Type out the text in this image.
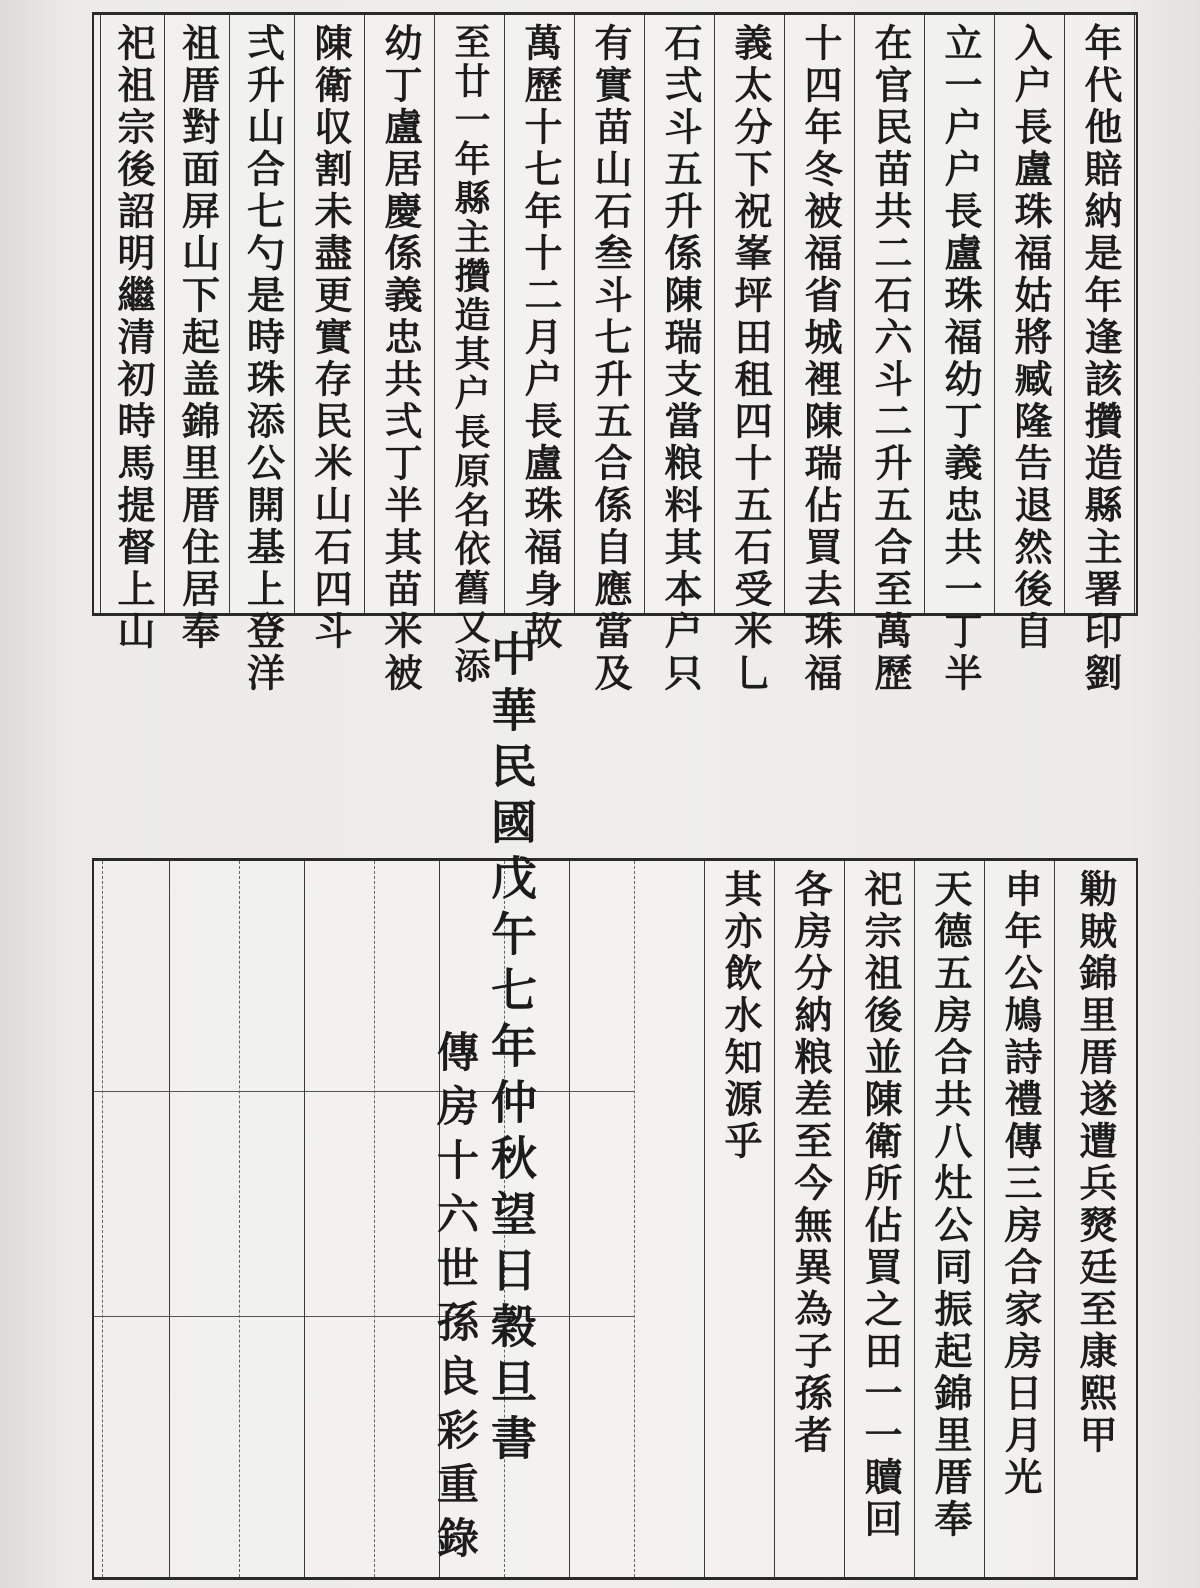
年代他賠納是年逢該攢造縣主署印劉
入户長盧珠福姑將臧隆告退然後自
立一户户長盧珠福幼丁義忠共一丁半
在官民苗共二石六斗二升五合至萬歷
十四年冬被福省城裡陳瑞佔買去珠福
義太分下祝峯坪田租四十五石受米乚
石弍斗五升係陳瑞支當粮料其本户只
有實苗山石叁斗七升五合係自應當及
萬歷十七年十二月户長盧珠福身故
至廿一年縣主攢造其户長原名依舊又添
幼丁盧居慶係義忠共弍丁半其苗米被
陳衛収割未盡更實存民米山石四斗
弍升山合七勺是時珠添公開基上登洋
祖厝對面屏山下起盖錦里厝住居奉
祀祖宗後詔明繼清初時馬提督上山
勦賊錦里厝遂遭兵燹廷至康熙甲
申年公鳩詩禮傳三房合家房日月光
天德五房合共八灶公同振起錦里厝奉
祀宗祖後並陳衛所佔買之田一一贖回
各房分納粮差至今無異為子孫者
其亦飲水知源乎
中華民國戊午七年仲秋望日穀旦書
傳房十六世孫良彩重錄
